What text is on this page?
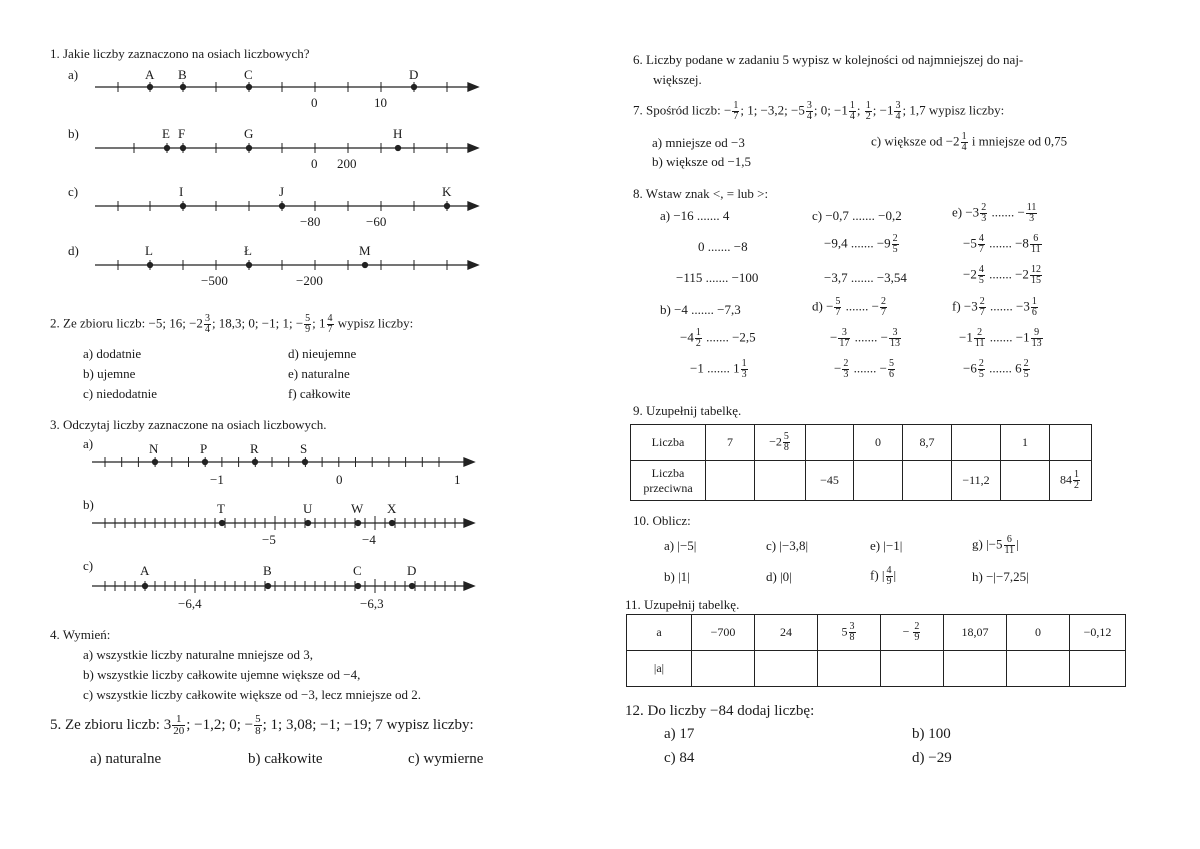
1. Jakie liczby zaznaczono na osiach liczbowych?
a)	A B	C	D
0	10
b)	E F	G	H
0 200
c)	I	J	K
−80	−60
d)	L	Ł	M
−500	−200
2. Ze zbioru liczb: −5; 16; $-2 \frac{3}{4}$ ; 18,3; 0; −1; 1; − $\frac{5}{9}$ ; $1 \frac{4}{7}$ wypisz liczby:
a) dodatnie
b) ujemne
c) niedodatnie
d) nieujemne
e) naturalne
f) całkowite
3. Odczytaj liczby zaznaczone na osiach liczbowych.
a)	N	P	R	S
−1	0	1
b)	T	U	W X
−5	−4
c)	A	B	C	D
−6,4	−6,3
4. Wymień:
a) wszystkie liczby naturalne mniejsze od 3,
b) wszystkie liczby całkowite ujemne większe od −4,
c) wszystkie liczby całkowite większe od −3, lecz mniejsze od 2.
5. Ze zbioru liczb: $3 \frac{1}{20}$ ; −1,2; 0; − $\frac{5}{8}$ ; 1; 3,08; −1; −19; 7 wypisz liczby:
a) naturalne	b) całkowite	c) wymierne
6. Liczby podane w zadaniu 5 wypisz w kolejności od najmniejszej do naj-
większej.
7. Spośród liczb: − $\frac{1}{7}$ ; 1; −3,2; $-5 \frac{3}{4}$ ; 0; $-1 \frac{1}{4}$ ; $\frac{1}{2}$ ; $-1 \frac{3}{4}$ ; 1,7 wypisz liczby:
a) mniejsze od −3
b) większe od −1,5
c) większe od $-2 \frac{1}{4}$ i mniejsze od 0,75
8. Wstaw znak <, = lub >:
a) −16 ....... 4
0 ....... −8
−115 ....... −100
c) −0,7 ....... −0,2
−9,4 ....... $-9 \frac{2}{5}$
−3,7 ....... −3,54
$e) -3 \frac{2}{3}$ ....... − $\frac{11}{3}$
$-5 \frac{4}{7}$ ....... $-8 \frac{6}{11}$
$-2 \frac{4}{5}$ ....... $-2 \frac{12}{15}$
b) −4 ....... −7,3
$-4 \frac{1}{2}$ ....... −2,5
−1 ....... $1 \frac{1}{3}$
$d) - \frac{5}{7}$ ....... − $\frac{2}{7}$
− $\frac{3}{17}$ ....... − $\frac{3}{13}$
− $\frac{2}{3}$ ....... − $\frac{5}{6}$
$f) -3 \frac{2}{7}$ ....... $-3 \frac{1}{6}$
$-1 \frac{2}{11}$ ....... $-1 \frac{9}{13}$
$-6 \frac{2}{5}$ ....... $6 \frac{2}{5}$
9. Uzupełnij tabelkę.
Liczba	7	$-2 \frac{5}{8}$		0	8,7		1	
Liczba przeciwna			−45			−11,2		$84 \frac{1}{2}$
10. Oblicz:
a) |−5|	c) |−3,8|	e) |−1|	g) $|-5 \frac{6}{11}$ |
b) |1|	d) |0|	f) | $\frac{4}{9}$ |	h) −|−7,25|
11. Uzupełnij tabelkę.
a	−700	24	$5 \frac{3}{8}$	− $\frac{2}{9}$	18,07	0	−0,12
|a|							
12. Do liczby −84 dodaj liczbę:
a) 17	b) 100
c) 84	d) −29
